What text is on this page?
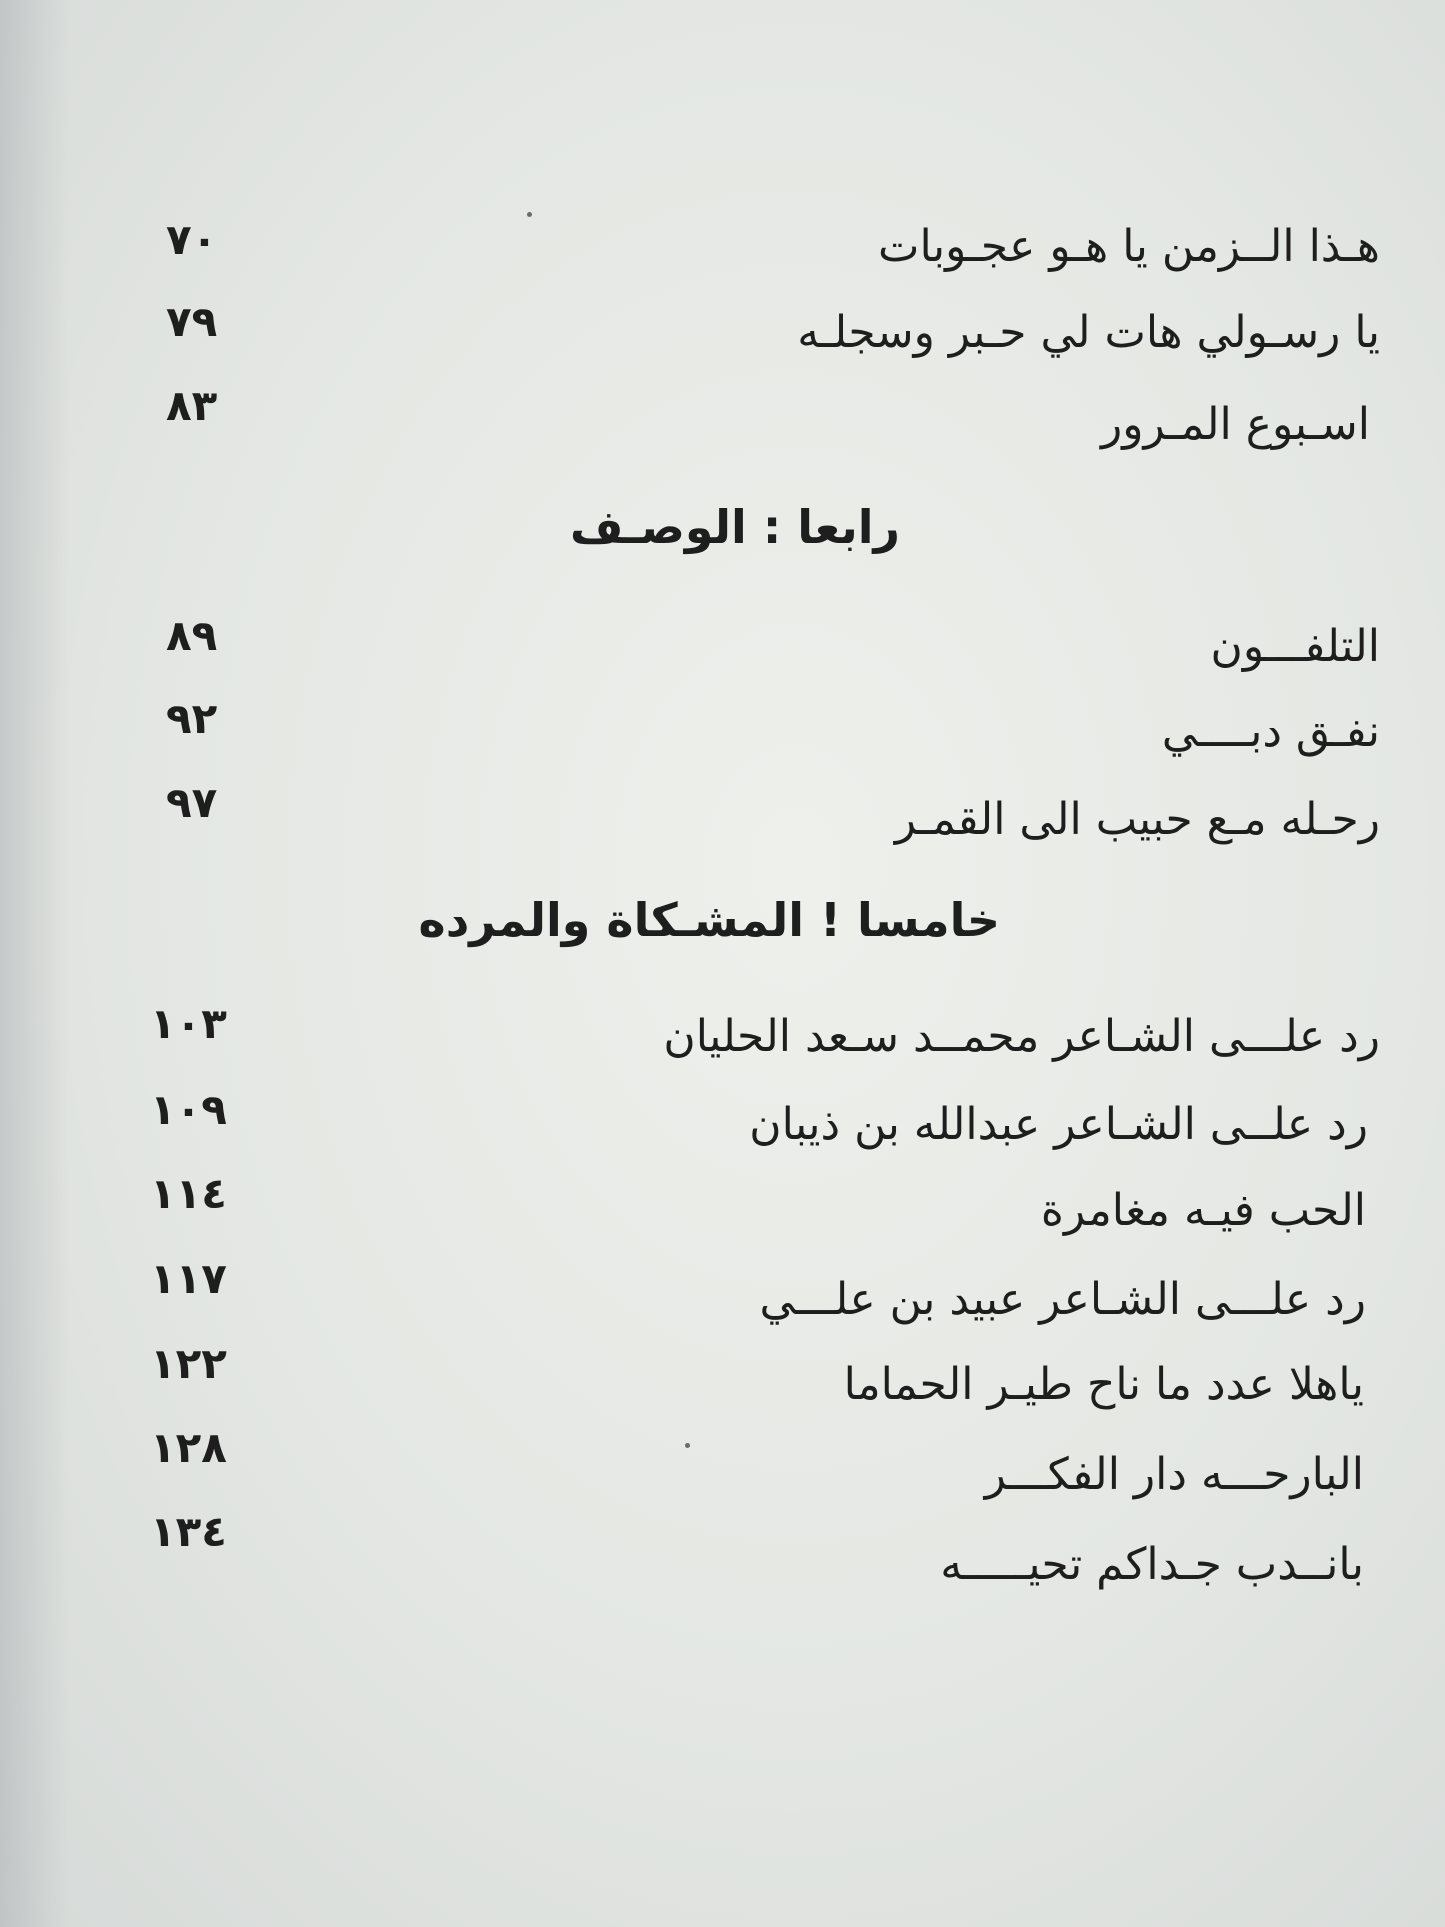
هـذا الــزمن يا هـو عجـوبات
٧٠
يا رسـولي هات لي حـبر وسجلـه
٧٩
اسـبوع المـرور
٨٣
رابعا : الوصـف
التلفـــون
٨٩
نفـق دبــــي
٩٢
رحـله مـع حبيب الى القمـر
٩٧
خامسا ! المشـكاة والمرده
رد علـــى الشـاعر محمــد سـعد الحليان
١٠٣
رد علــى الشـاعر عبدالله بن ذيبان
١٠٩
الحب فيـه مغامرة
١١٤
رد علـــى الشـاعر عبيد بن علـــي
١١٧
ياهلا عدد ما ناح طيـر الحماما
١٢٢
البارحـــه دار الفكـــر
١٢٨
بانــدب جـداكم تحيـــــه
١٣٤
